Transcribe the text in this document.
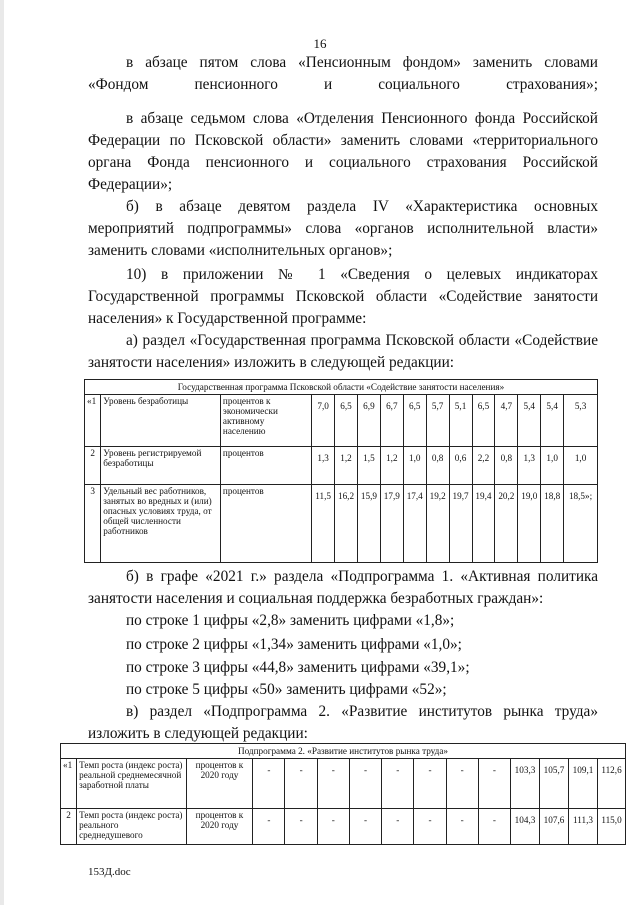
16

в абзаце пятом слова «Пенсионным фондом» заменить словами «Фондом пенсионного и социального страхования»;

в абзаце седьмом слова «Отделения Пенсионного фонда Российской Федерации по Псковской области» заменить словами «территориального органа Фонда пенсионного и социального страхования Российской Федерации»;

б) в абзаце девятом раздела IV «Характеристика основных мероприятий подпрограммы» слова «органов исполнительной власти» заменить словами «исполнительных органов»;

10) в приложении № 1 «Сведения о целевых индикаторах Государственной программы Псковской области «Содействие занятости населения» к Государственной программе:

а) раздел «Государственная программа Псковской области «Содействие занятости населения» изложить в следующей редакции:

Государственная программа Псковской области «Содействие занятости населения»														
«1	Уровень безработицы	процентов к экономически активному населению	7,0	6,5	6,9	6,7	6,5	5,7	5,1	6,5	4,7	5,4	5,4	5,3
2	Уровень регистрируемой безработицы	процентов	1,3	1,2	1,5	1,2	1,0	0,8	0,6	2,2	0,8	1,3	1,0	1,0
3	Удельный вес работников, занятых во вредных и (или) опасных условиях труда, от общей численности работников	процентов	11,5	16,2	15,9	17,9	17,4	19,2	19,7	19,4	20,2	19,0	18,8	18,5»;

б) в графе «2021 г.» раздела «Подпрограмма 1. «Активная политика занятости населения и социальная поддержка безработных граждан»:

по строке 1 цифры «2,8» заменить цифрами «1,8»;

по строке 2 цифры «1,34» заменить цифрами «1,0»;

по строке 3 цифры «44,8» заменить цифрами «39,1»;

по строке 5 цифры «50» заменить цифрами «52»;

в) раздел «Подпрограмма 2. «Развитие институтов рынка труда» изложить в следующей редакции:

Подпрограмма 2. «Развитие институтов рынка труда»														
«1	Темп роста (индекс роста) реальной среднемесячной заработной платы	процентов к 2020 году	-	-	-	-	-	-	-	-	103,3	105,7	109,1	112,6
2	Темп роста (индекс роста) реального среднедушевого	процентов к 2020 году	-	-	-	-	-	-	-	-	104,3	107,6	111,3	115,0
153Д.doc
